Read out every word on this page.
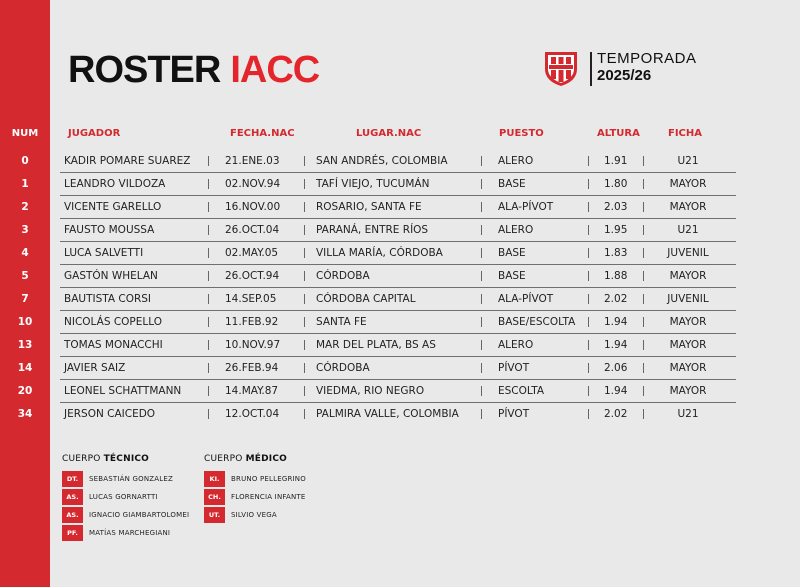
ROSTER IACC	TEMPORADA
2025/26
NUM	JUGADOR	FECHA.NAC	LUGAR.NAC	PUESTO	ALTURA	FICHA
0	KADIR POMARE SUAREZ	21.ENE.03	SAN ANDRÉS, COLOMBIA	ALERO	1.91	U21
1	LEANDRO VILDOZA	02.NOV.94	TAFÍ VIEJO, TUCUMÁN	BASE	1.80	MAYOR
2	VICENTE GARELLO	16.NOV.00	ROSARIO, SANTA FE	ALA-PÍVOT	2.03	MAYOR
3	FAUSTO MOUSSA	26.OCT.04	PARANÁ, ENTRE RÍOS	ALERO	1.95	U21
4	LUCA SALVETTI	02.MAY.05	VILLA MARÍA, CÓRDOBA	BASE	1.83	JUVENIL
5	GASTÓN WHELAN	26.OCT.94	CÓRDOBA	BASE	1.88	MAYOR
7	BAUTISTA CORSI	14.SEP.05	CÓRDOBA CAPITAL	ALA-PÍVOT	2.02	JUVENIL
10	NICOLÁS COPELLO	11.FEB.92	SANTA FE	BASE/ESCOLTA	1.94	MAYOR
13	TOMAS MONACCHI	10.NOV.97	MAR DEL PLATA, BS AS	ALERO	1.94	MAYOR
14	JAVIER SAIZ	26.FEB.94	CÓRDOBA	PÍVOT	2.06	MAYOR
20	LEONEL SCHATTMANN	14.MAY.87	VIEDMA, RIO NEGRO	ESCOLTA	1.94	MAYOR
34	JERSON CAICEDO	12.OCT.04	PALMIRA VALLE, COLOMBIA	PÍVOT	2.02	U21
CUERPO TÉCNICO
DT.	SEBASTIÁN GONZALEZ
AS.	LUCAS GORNARTTI
AS.	IGNACIO GIAMBARTOLOMEI
PF.	MATÍAS MARCHEGIANI
CUERPO MÉDICO
KI.	BRUNO PELLEGRINO
CH.	FLORENCIA INFANTE
UT.	SILVIO VEGA
